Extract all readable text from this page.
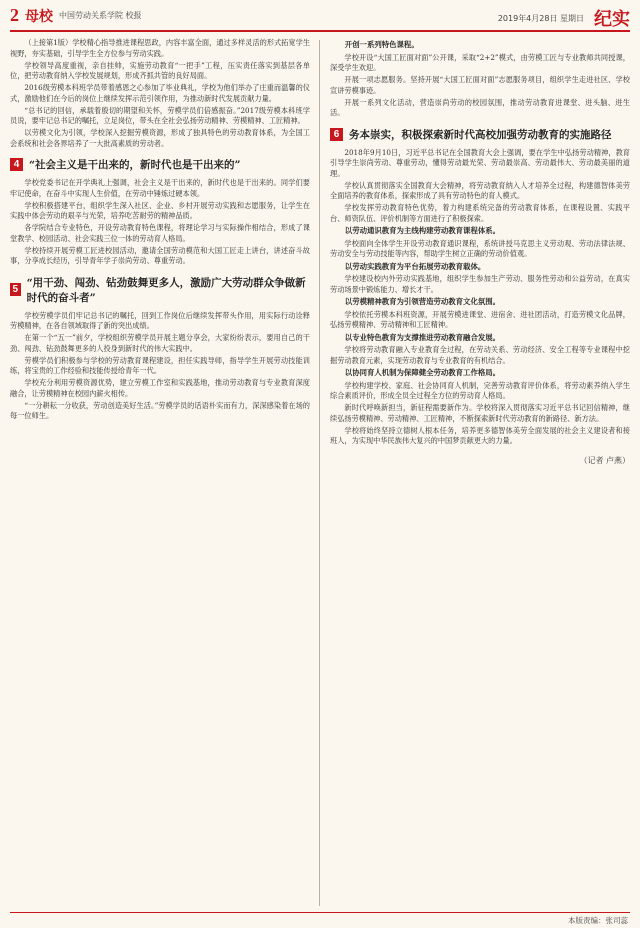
2 母校 中国劳动关系学院 校报	2019年4月28日 星期日 纪实

（上接第1版）学校精心指导推进课程思政，内容丰富全面，通过多样灵活的形式拓宽学生视野，夯实基础，引导学生全方位参与劳动实践。

学校领导高度重视，亲自挂帅，实施劳动教育“一把手”工程，压实责任落实到基层各单位，把劳动教育纳入学校发展规划，形成齐抓共管的良好局面。

2016级劳模本科班学员带着感恩之心参加了毕业典礼，学校为他们举办了庄重而温馨的仪式，激励他们在今后的岗位上继续发挥示范引领作用，为推动新时代发展贡献力量。

“总书记的回信，承载着殷切的期望和关怀，劳模学员们倍感振奋。”2017级劳模本科班学员说，要牢记总书记的嘱托，立足岗位，带头在全社会弘扬劳动精神、劳模精神、工匠精神。

以劳模文化为引领，学校深入挖掘劳模资源，形成了独具特色的劳动教育体系，为全国工会系统和社会各界培养了一大批高素质的劳动者。

4 “社会主义是干出来的，新时代也是干出来的”

学校党委书记在开学典礼上强调，社会主义是干出来的，新时代也是干出来的。同学们要牢记使命，在奋斗中实现人生价值，在劳动中锤炼过硬本领。

学校积极搭建平台，组织学生深入社区、企业、乡村开展劳动实践和志愿服务，让学生在实践中体会劳动的艰辛与光荣，培养吃苦耐劳的精神品质。

各学院结合专业特色，开设劳动教育特色课程，将理论学习与实际操作相结合，形成了课堂教学、校园活动、社会实践三位一体的劳动育人格局。

学校持续开展劳模工匠进校园活动，邀请全国劳动模范和大国工匠走上讲台，讲述奋斗故事，分享成长经历，引导青年学子崇尚劳动、尊重劳动。

5
“用干劲、闯劲、钻劲鼓舞更多人，激励广大劳动群众争做新时代的奋斗者”

学校劳模学员们牢记总书记的嘱托，回到工作岗位后继续发挥带头作用，用实际行动诠释劳模精神，在各自领域取得了新的突出成绩。

在第一个“五一”前夕，学校组织劳模学员开展主题分享会，大家纷纷表示，要用自己的干劲、闯劲、钻劲鼓舞更多的人投身到新时代的伟大实践中。

劳模学员们积极参与学校的劳动教育课程建设，担任实践导师，指导学生开展劳动技能训练，将宝贵的工作经验和技能传授给青年一代。

学校充分利用劳模资源优势，建立劳模工作室和实践基地，推动劳动教育与专业教育深度融合，让劳模精神在校园内薪火相传。

“一分耕耘一分收获，劳动创造美好生活。”劳模学员的话语朴实而有力，深深感染着在场的每一位师生。

开创一系列特色课程。

学校开设“大国工匠面对面”公开课，采取“2+2”模式，由劳模工匠与专业教师共同授课，深受学生欢迎。

开展一项志愿服务。坚持开展“大国工匠面对面”志愿服务项目，组织学生走进社区、学校宣讲劳模事迹。

开展一系列文化活动，营造崇尚劳动的校园氛围，推动劳动教育进课堂、进头脑、进生活。

6 务本崇实，积极探索新时代高校加强劳动教育的实施路径

2018年9月10日，习近平总书记在全国教育大会上强调，要在学生中弘扬劳动精神，教育引导学生崇尚劳动、尊重劳动，懂得劳动最光荣、劳动最崇高、劳动最伟大、劳动最美丽的道理。

学校认真贯彻落实全国教育大会精神，将劳动教育纳入人才培养全过程，构建德智体美劳全面培养的教育体系，探索形成了具有劳动特色的育人模式。

学校发挥劳动教育特色优势，着力构建系统完备的劳动教育体系，在课程设置、实践平台、师资队伍、评价机制等方面进行了积极探索。

以劳动通识教育为主线构建劳动教育课程体系。

学校面向全体学生开设劳动教育通识课程，系统讲授马克思主义劳动观、劳动法律法规、劳动安全与劳动技能等内容，帮助学生树立正确的劳动价值观。

以劳动实践教育为平台拓展劳动教育载体。

学校建设校内外劳动实践基地，组织学生参加生产劳动、服务性劳动和公益劳动，在真实劳动场景中锻炼能力、增长才干。

以劳模精神教育为引领营造劳动教育文化氛围。

学校依托劳模本科班资源，开展劳模进课堂、进宿舍、进社团活动，打造劳模文化品牌，弘扬劳模精神、劳动精神和工匠精神。

以专业特色教育为支撑推进劳动教育融合发展。

学校将劳动教育融入专业教育全过程，在劳动关系、劳动经济、安全工程等专业课程中挖掘劳动教育元素，实现劳动教育与专业教育的有机结合。

以协同育人机制为保障健全劳动教育工作格局。

学校构建学校、家庭、社会协同育人机制，完善劳动教育评价体系，将劳动素养纳入学生综合素质评价，形成全员全过程全方位的劳动育人格局。

新时代呼唤新担当，新征程需要新作为。学校将深入贯彻落实习近平总书记回信精神，继续弘扬劳模精神、劳动精神、工匠精神，不断探索新时代劳动教育的新路径、新方法。

学校将始终坚持立德树人根本任务，培养更多德智体美劳全面发展的社会主义建设者和接班人，为实现中华民族伟大复兴的中国梦贡献更大的力量。

（记者 卢燕）
本版责编：张司蕊
